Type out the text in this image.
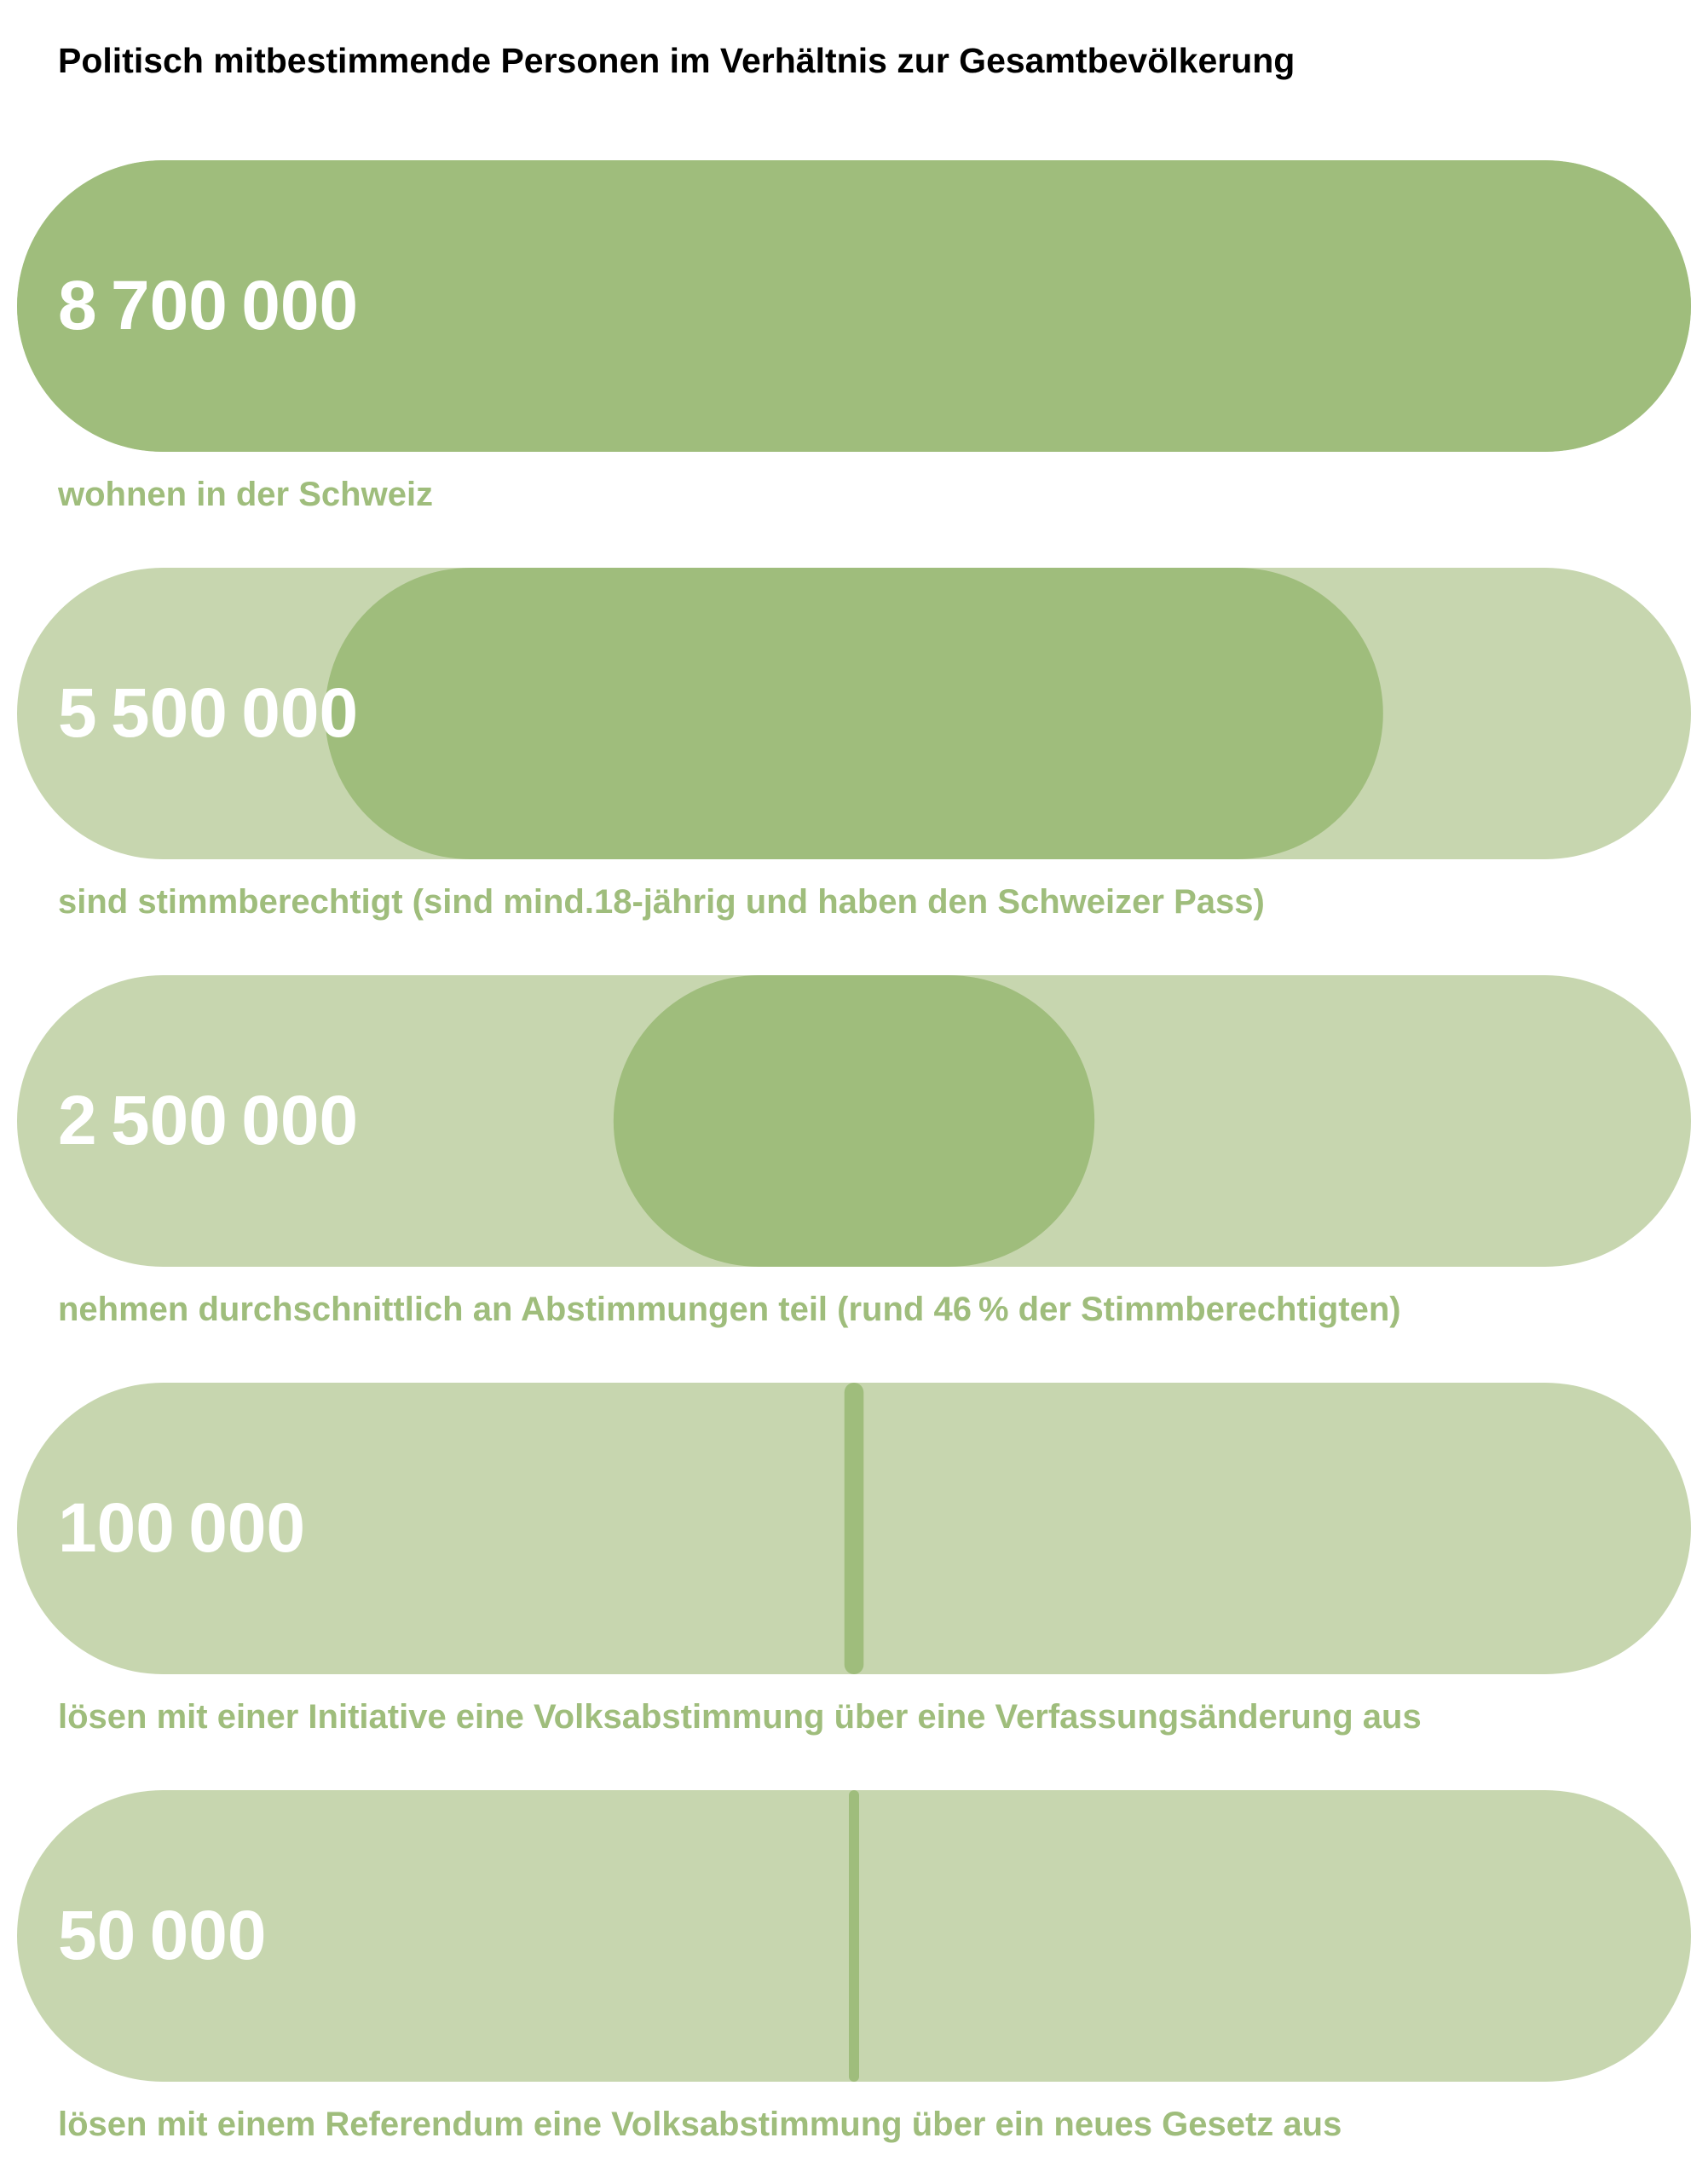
Politisch mitbestimmende Personen im Verhältnis zur Gesamtbevölkerung
8 700 000
wohnen in der Schweiz
5 500 000
sind stimmberechtigt (sind mind.18-jährig und haben den Schweizer Pass)
2 500 000
nehmen durchschnittlich an Abstimmungen teil (rund 46 % der Stimmberechtigten)
100 000
lösen mit einer Initiative eine Volksabstimmung über eine Verfassungsänderung aus
50 000
lösen mit einem Referendum eine Volksabstimmung über ein neues Gesetz aus
